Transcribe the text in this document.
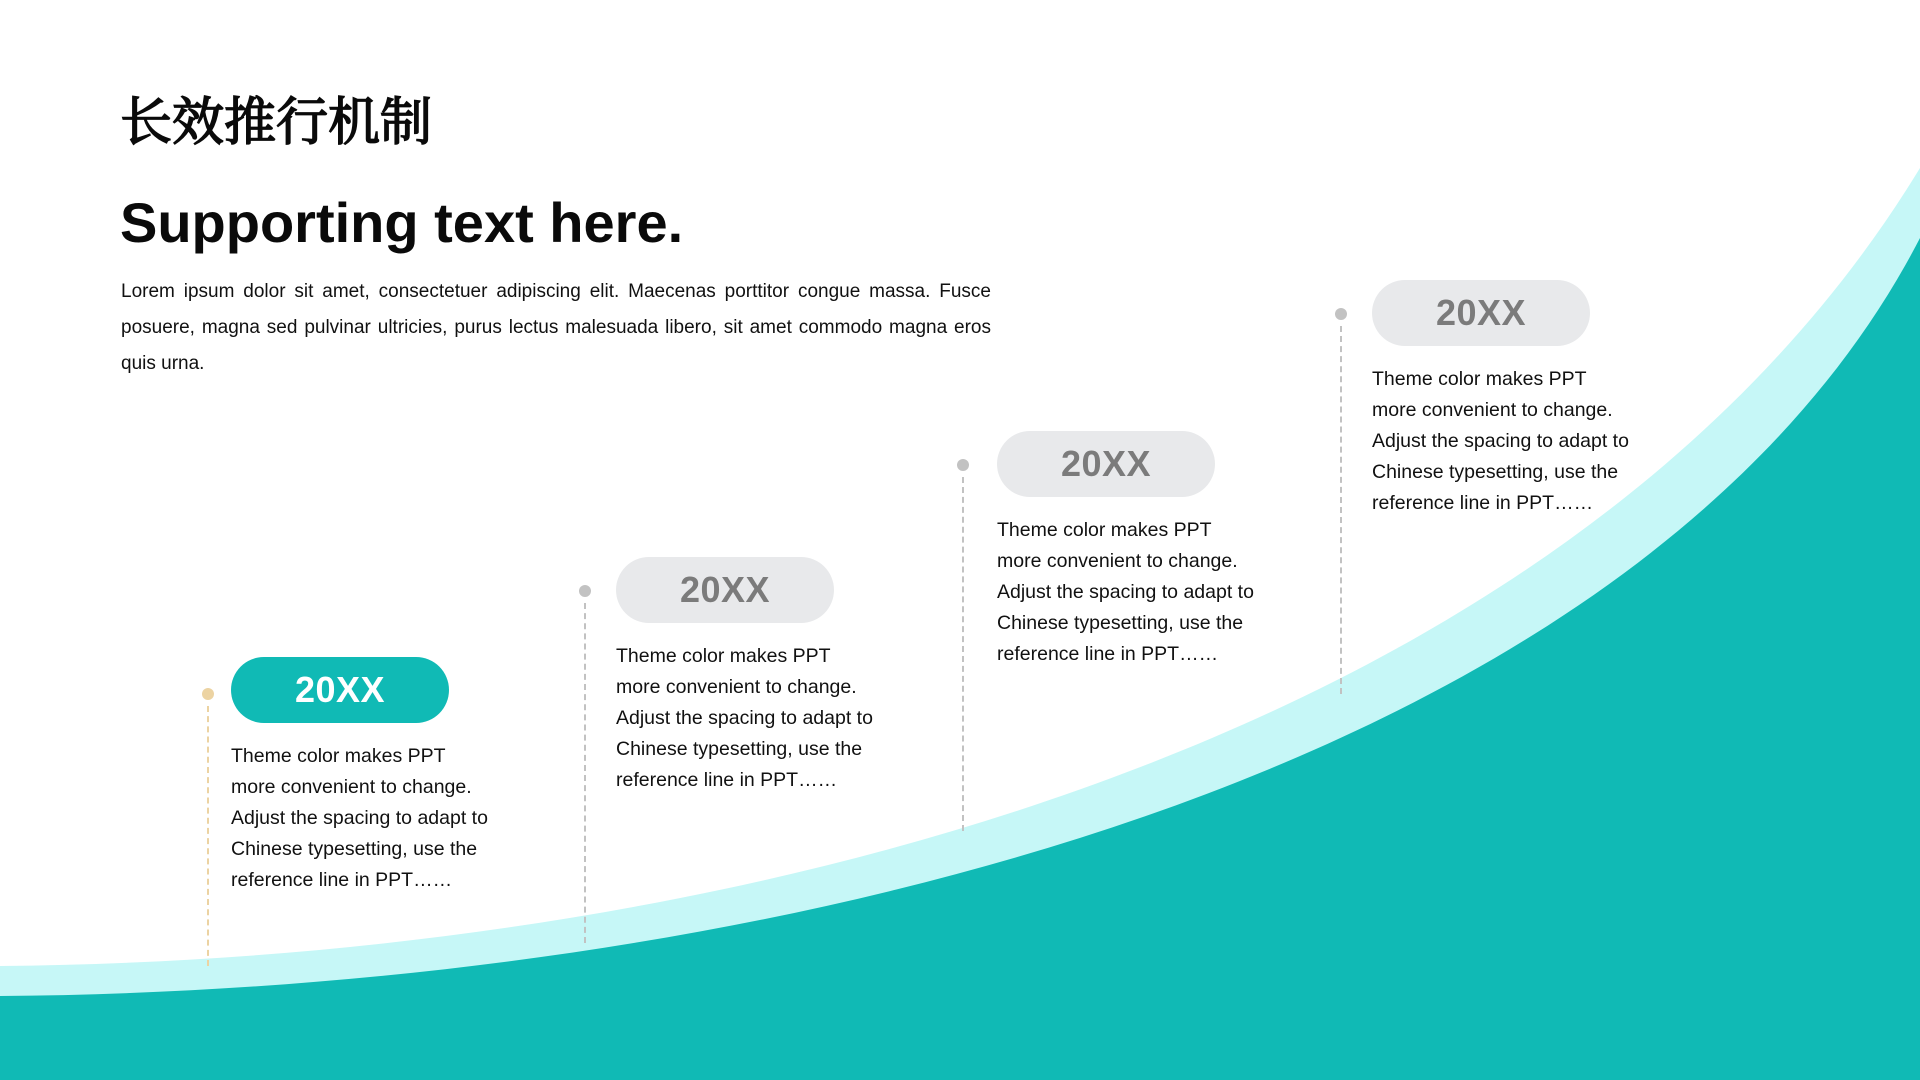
长效推行机制
Supporting text here.

Lorem ipsum dolor sit amet, consectetuer adipiscing elit. Maecenas porttitor congue massa. Fusce posuere, magna sed pulvinar ultricies, purus lectus malesuada libero, sit amet commodo magna eros quis urna.

20XX

Theme color makes PPT more convenient to change. Adjust the spacing to adapt to Chinese typesetting, use the reference line in PPT……

20XX

Theme color makes PPT more convenient to change. Adjust the spacing to adapt to Chinese typesetting, use the reference line in PPT……

20XX

Theme color makes PPT more convenient to change. Adjust the spacing to adapt to Chinese typesetting, use the reference line in PPT……

20XX

Theme color makes PPT more convenient to change. Adjust the spacing to adapt to Chinese typesetting, use the reference line in PPT……
